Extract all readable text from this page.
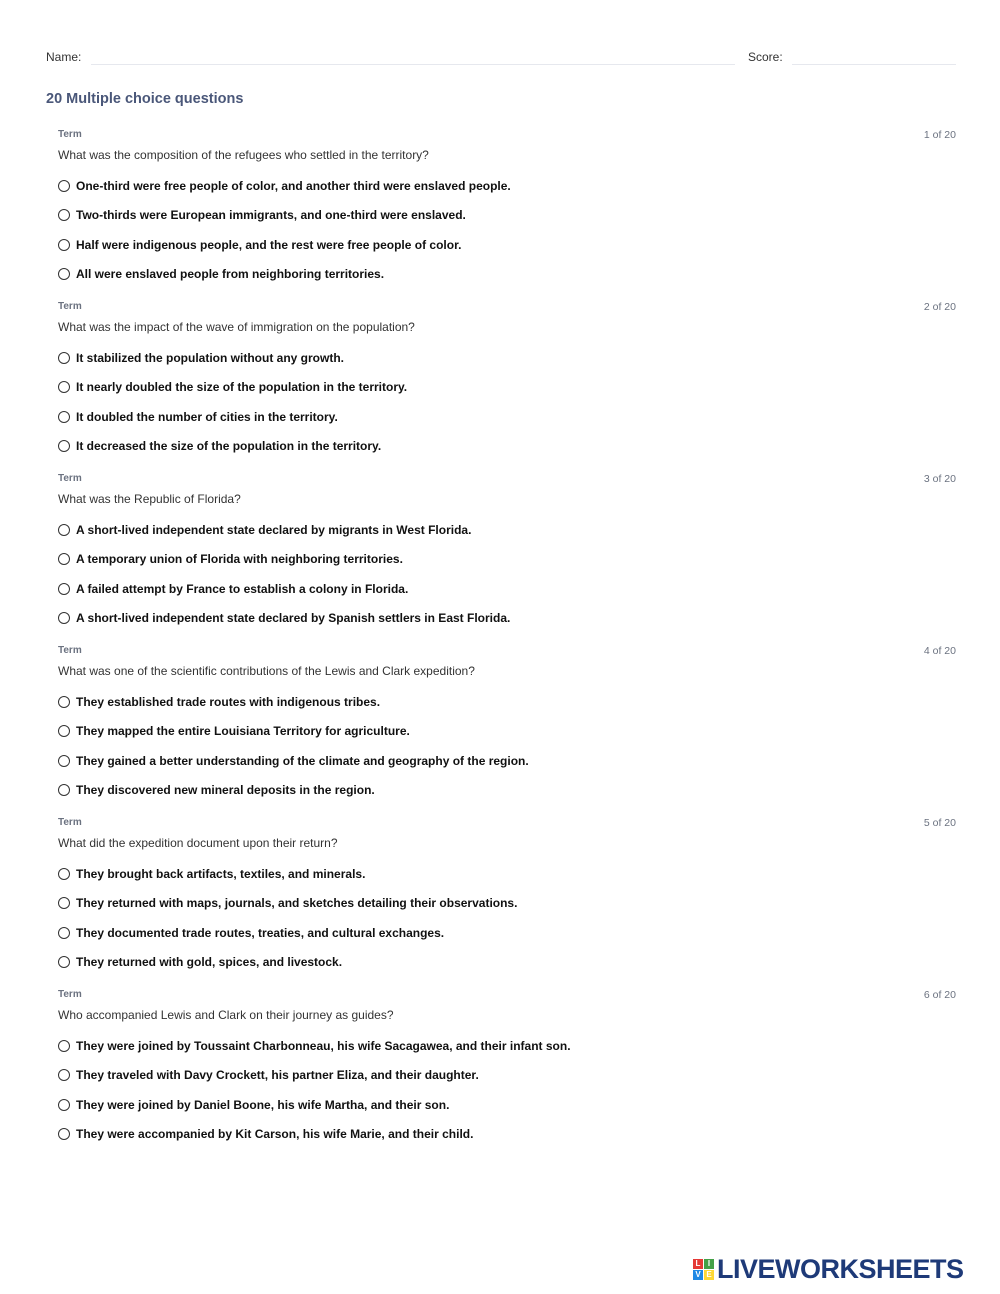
Name:	Score:
20 Multiple choice questions
Term	1 of 20
What was the composition of the refugees who settled in the territory?
One-third were free people of color, and another third were enslaved people.
Two-thirds were European immigrants, and one-third were enslaved.
Half were indigenous people, and the rest were free people of color.
All were enslaved people from neighboring territories.
Term	2 of 20
What was the impact of the wave of immigration on the population?
It stabilized the population without any growth.
It nearly doubled the size of the population in the territory.
It doubled the number of cities in the territory.
It decreased the size of the population in the territory.
Term	3 of 20
What was the Republic of Florida?
A short-lived independent state declared by migrants in West Florida.
A temporary union of Florida with neighboring territories.
A failed attempt by France to establish a colony in Florida.
A short-lived independent state declared by Spanish settlers in East Florida.
Term	4 of 20
What was one of the scientific contributions of the Lewis and Clark expedition?
They established trade routes with indigenous tribes.
They mapped the entire Louisiana Territory for agriculture.
They gained a better understanding of the climate and geography of the region.
They discovered new mineral deposits in the region.
Term	5 of 20
What did the expedition document upon their return?
They brought back artifacts, textiles, and minerals.
They returned with maps, journals, and sketches detailing their observations.
They documented trade routes, treaties, and cultural exchanges.
They returned with gold, spices, and livestock.
Term	6 of 20
Who accompanied Lewis and Clark on their journey as guides?
They were joined by Toussaint Charbonneau, his wife Sacagawea, and their infant son.
They traveled with Davy Crockett, his partner Eliza, and their daughter.
They were joined by Daniel Boone, his wife Martha, and their son.
They were accompanied by Kit Carson, his wife Marie, and their child.
L I
V E LIVEWORKSHEETS
